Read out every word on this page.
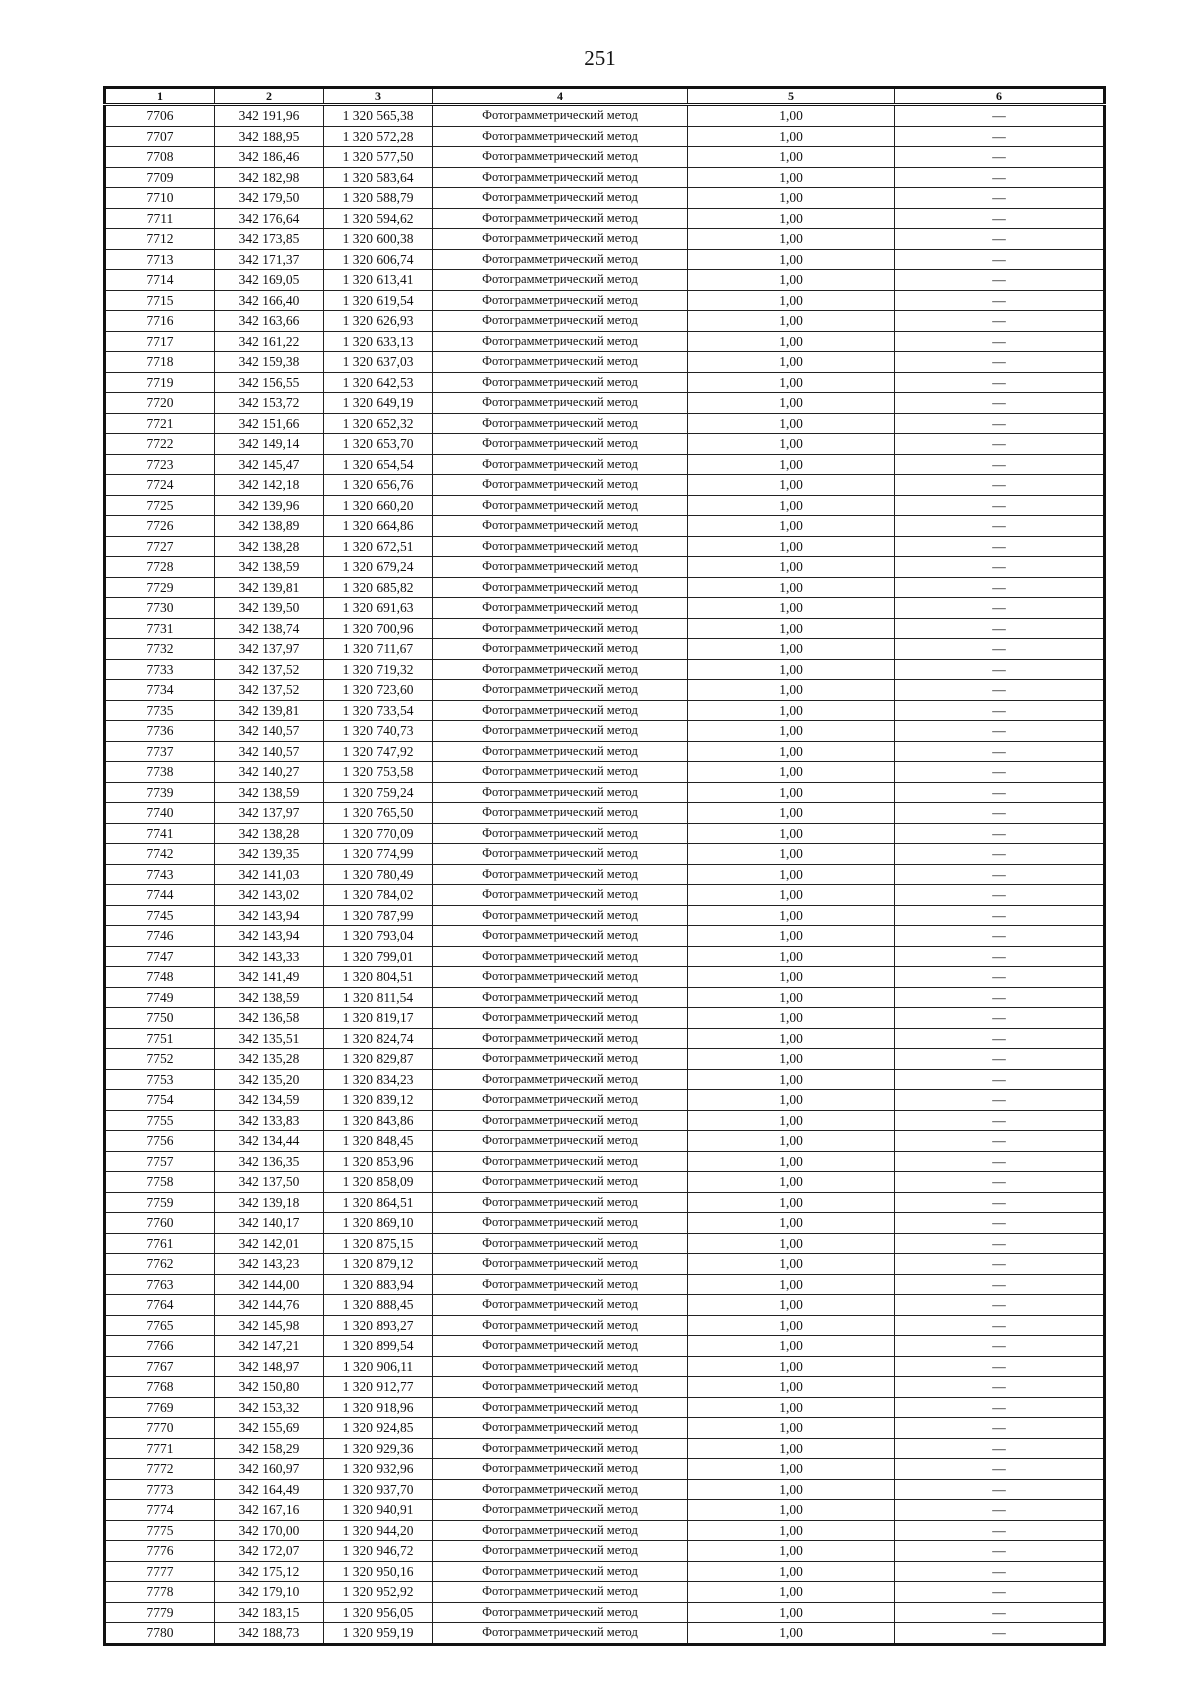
251
1	2	3	4	5	6
7706	342 191,96	1 320 565,38	Фотограмметрический метод	1,00	—
7707	342 188,95	1 320 572,28	Фотограмметрический метод	1,00	—
7708	342 186,46	1 320 577,50	Фотограмметрический метод	1,00	—
7709	342 182,98	1 320 583,64	Фотограмметрический метод	1,00	—
7710	342 179,50	1 320 588,79	Фотограмметрический метод	1,00	—
7711	342 176,64	1 320 594,62	Фотограмметрический метод	1,00	—
7712	342 173,85	1 320 600,38	Фотограмметрический метод	1,00	—
7713	342 171,37	1 320 606,74	Фотограмметрический метод	1,00	—
7714	342 169,05	1 320 613,41	Фотограмметрический метод	1,00	—
7715	342 166,40	1 320 619,54	Фотограмметрический метод	1,00	—
7716	342 163,66	1 320 626,93	Фотограмметрический метод	1,00	—
7717	342 161,22	1 320 633,13	Фотограмметрический метод	1,00	—
7718	342 159,38	1 320 637,03	Фотограмметрический метод	1,00	—
7719	342 156,55	1 320 642,53	Фотограмметрический метод	1,00	—
7720	342 153,72	1 320 649,19	Фотограмметрический метод	1,00	—
7721	342 151,66	1 320 652,32	Фотограмметрический метод	1,00	—
7722	342 149,14	1 320 653,70	Фотограмметрический метод	1,00	—
7723	342 145,47	1 320 654,54	Фотограмметрический метод	1,00	—
7724	342 142,18	1 320 656,76	Фотограмметрический метод	1,00	—
7725	342 139,96	1 320 660,20	Фотограмметрический метод	1,00	—
7726	342 138,89	1 320 664,86	Фотограмметрический метод	1,00	—
7727	342 138,28	1 320 672,51	Фотограмметрический метод	1,00	—
7728	342 138,59	1 320 679,24	Фотограмметрический метод	1,00	—
7729	342 139,81	1 320 685,82	Фотограмметрический метод	1,00	—
7730	342 139,50	1 320 691,63	Фотограмметрический метод	1,00	—
7731	342 138,74	1 320 700,96	Фотограмметрический метод	1,00	—
7732	342 137,97	1 320 711,67	Фотограмметрический метод	1,00	—
7733	342 137,52	1 320 719,32	Фотограмметрический метод	1,00	—
7734	342 137,52	1 320 723,60	Фотограмметрический метод	1,00	—
7735	342 139,81	1 320 733,54	Фотограмметрический метод	1,00	—
7736	342 140,57	1 320 740,73	Фотограмметрический метод	1,00	—
7737	342 140,57	1 320 747,92	Фотограмметрический метод	1,00	—
7738	342 140,27	1 320 753,58	Фотограмметрический метод	1,00	—
7739	342 138,59	1 320 759,24	Фотограмметрический метод	1,00	—
7740	342 137,97	1 320 765,50	Фотограмметрический метод	1,00	—
7741	342 138,28	1 320 770,09	Фотограмметрический метод	1,00	—
7742	342 139,35	1 320 774,99	Фотограмметрический метод	1,00	—
7743	342 141,03	1 320 780,49	Фотограмметрический метод	1,00	—
7744	342 143,02	1 320 784,02	Фотограмметрический метод	1,00	—
7745	342 143,94	1 320 787,99	Фотограмметрический метод	1,00	—
7746	342 143,94	1 320 793,04	Фотограмметрический метод	1,00	—
7747	342 143,33	1 320 799,01	Фотограмметрический метод	1,00	—
7748	342 141,49	1 320 804,51	Фотограмметрический метод	1,00	—
7749	342 138,59	1 320 811,54	Фотограмметрический метод	1,00	—
7750	342 136,58	1 320 819,17	Фотограмметрический метод	1,00	—
7751	342 135,51	1 320 824,74	Фотограмметрический метод	1,00	—
7752	342 135,28	1 320 829,87	Фотограмметрический метод	1,00	—
7753	342 135,20	1 320 834,23	Фотограмметрический метод	1,00	—
7754	342 134,59	1 320 839,12	Фотограмметрический метод	1,00	—
7755	342 133,83	1 320 843,86	Фотограмметрический метод	1,00	—
7756	342 134,44	1 320 848,45	Фотограмметрический метод	1,00	—
7757	342 136,35	1 320 853,96	Фотограмметрический метод	1,00	—
7758	342 137,50	1 320 858,09	Фотограмметрический метод	1,00	—
7759	342 139,18	1 320 864,51	Фотограмметрический метод	1,00	—
7760	342 140,17	1 320 869,10	Фотограмметрический метод	1,00	—
7761	342 142,01	1 320 875,15	Фотограмметрический метод	1,00	—
7762	342 143,23	1 320 879,12	Фотограмметрический метод	1,00	—
7763	342 144,00	1 320 883,94	Фотограмметрический метод	1,00	—
7764	342 144,76	1 320 888,45	Фотограмметрический метод	1,00	—
7765	342 145,98	1 320 893,27	Фотограмметрический метод	1,00	—
7766	342 147,21	1 320 899,54	Фотограмметрический метод	1,00	—
7767	342 148,97	1 320 906,11	Фотограмметрический метод	1,00	—
7768	342 150,80	1 320 912,77	Фотограмметрический метод	1,00	—
7769	342 153,32	1 320 918,96	Фотограмметрический метод	1,00	—
7770	342 155,69	1 320 924,85	Фотограмметрический метод	1,00	—
7771	342 158,29	1 320 929,36	Фотограмметрический метод	1,00	—
7772	342 160,97	1 320 932,96	Фотограмметрический метод	1,00	—
7773	342 164,49	1 320 937,70	Фотограмметрический метод	1,00	—
7774	342 167,16	1 320 940,91	Фотограмметрический метод	1,00	—
7775	342 170,00	1 320 944,20	Фотограмметрический метод	1,00	—
7776	342 172,07	1 320 946,72	Фотограмметрический метод	1,00	—
7777	342 175,12	1 320 950,16	Фотограмметрический метод	1,00	—
7778	342 179,10	1 320 952,92	Фотограмметрический метод	1,00	—
7779	342 183,15	1 320 956,05	Фотограмметрический метод	1,00	—
7780	342 188,73	1 320 959,19	Фотограмметрический метод	1,00	—
